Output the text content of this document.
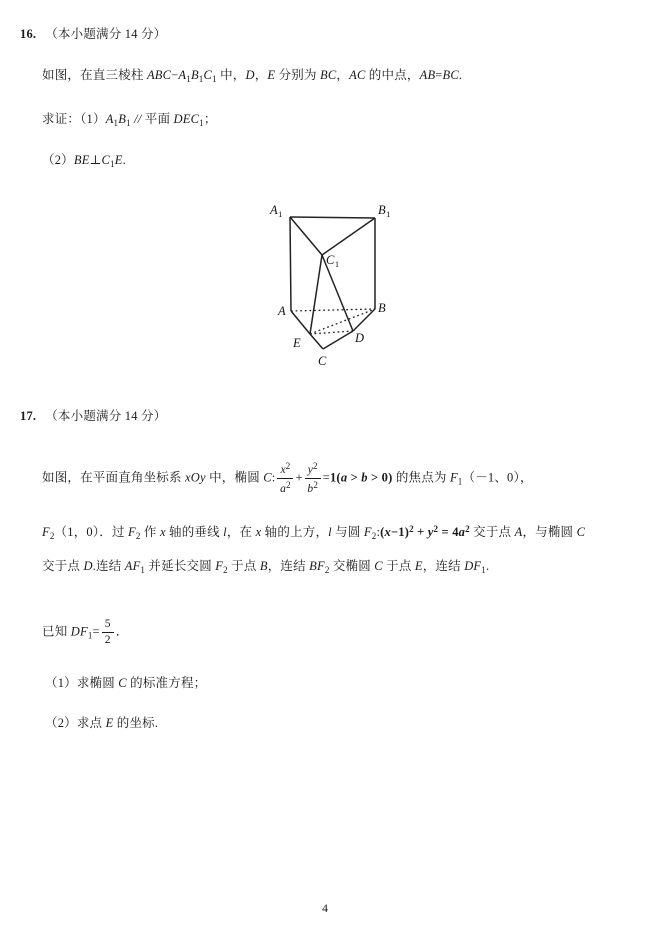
16. （本小题满分 14 分）
如图，在直三棱柱 $ABC-A_1B_1C_1$ 中，D，E 分别为 BC，AC 的中点，AB=BC.
求证：$(1)A_1B_1$ // 平面 $DEC_1$；
$(2)BE\perp C_1E$.
$A_1$	$B_1$
$C_1$
A	B
E	D
C
17. （本小题满分 14 分）
如图，在平面直角坐标系 xOy 中，椭圆 C: $\frac{x^2}{a^2} + \frac{y^2}{b^2} =1(a > b > 0)$ 的焦点为 $F_1(-1$、0），
$F_2(1$，0）．过 $F_2$ 作 x 轴的垂线 l，在 x 轴的上方，l 与圆 $F_2:(x-1)^2 + y^2 = 4a^2$ 交于点 A，与椭圆 C
交于点 D.连结 $AF_1$ 并延长交圆 $F_2$ 于点 B，连结 $BF_2$ 交椭圆 C 于点 E，连结 $DF_1$.
已知 $DF_1= \frac{5}{2}$ ．
（1）求椭圆 C 的标准方程；
（2）求点 E 的坐标.
4
